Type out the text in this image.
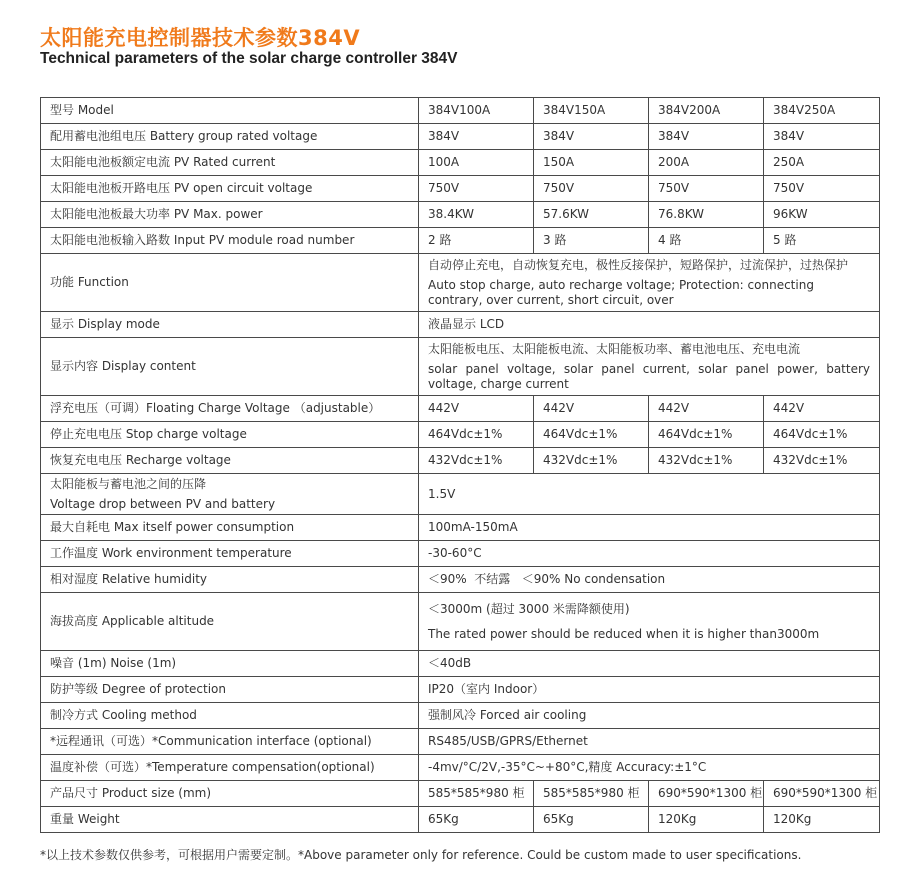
太阳能充电控制器技术参数384V
Technical parameters of the solar charge controller 384V
型号 Model	384V100A	384V150A	384V200A	384V250A
配用蓄电池组电压 Battery group rated voltage	384V	384V	384V	384V
太阳能电池板额定电流 PV Rated current	100A	150A	200A	250A
太阳能电池板开路电压 PV open circuit voltage	750V	750V	750V	750V
太阳能电池板最大功率 PV Max. power	38.4KW	57.6KW	76.8KW	96KW
太阳能电池板输入路数 Input PV module road number	2 路	3 路	4 路	5 路
功能 Function	自动停止充电，自动恢复充电，极性反接保护，短路保护，过流保护，过热保护
Auto stop charge, auto recharge voltage; Protection: connecting contrary, over current, short circuit, over			

显示 Display mode	液晶显示 LCD			
显示内容 Display content	太阳能板电压、太阳能板电流、太阳能板功率、蓄电池电压、充电电流
solar panel voltage, solar panel current, solar panel power, battery voltage, charge current			

浮充电压（可调）Floating Charge Voltage （adjustable）	442V	442V	442V	442V
停止充电电压 Stop charge voltage	464Vdc±1%	464Vdc±1%	464Vdc±1%	464Vdc±1%
恢复充电电压 Recharge voltage	432Vdc±1%	432Vdc±1%	432Vdc±1%	432Vdc±1%
太阳能板与蓄电池之间的压降
Voltage drop between PV and battery	1.5V			
最大自耗电 Max itself power consumption	100mA-150mA			
工作温度 Work environment temperature	-30-60°C			
相对湿度 Relative humidity	＜90%  不结露   ＜90% No condensation			
海拔高度 Applicable altitude	＜3000m (超过 3000 米需降额使用)
The rated power should be reduced when it is higher than3000m			
噪音 (1m) Noise (1m)	＜40dB			
防护等级 Degree of protection	IP20（室内 Indoor）			
制冷方式 Cooling method	强制风冷 Forced air cooling			
*远程通讯（可选）*Communication interface (optional)	RS485/USB/GPRS/Ethernet			
温度补偿（可选）*Temperature compensation(optional)	-4mv/°C/2V,-35°C~+80°C,精度 Accuracy:±1°C			
产品尺寸 Product size (mm)	585*585*980 柜	585*585*980 柜	690*590*1300 柜	690*590*1300 柜
重量 Weight	65Kg	65Kg	120Kg	120Kg
*以上技术参数仅供参考，可根据用户需要定制。*Above parameter only for reference. Could be custom made to user specifications.
